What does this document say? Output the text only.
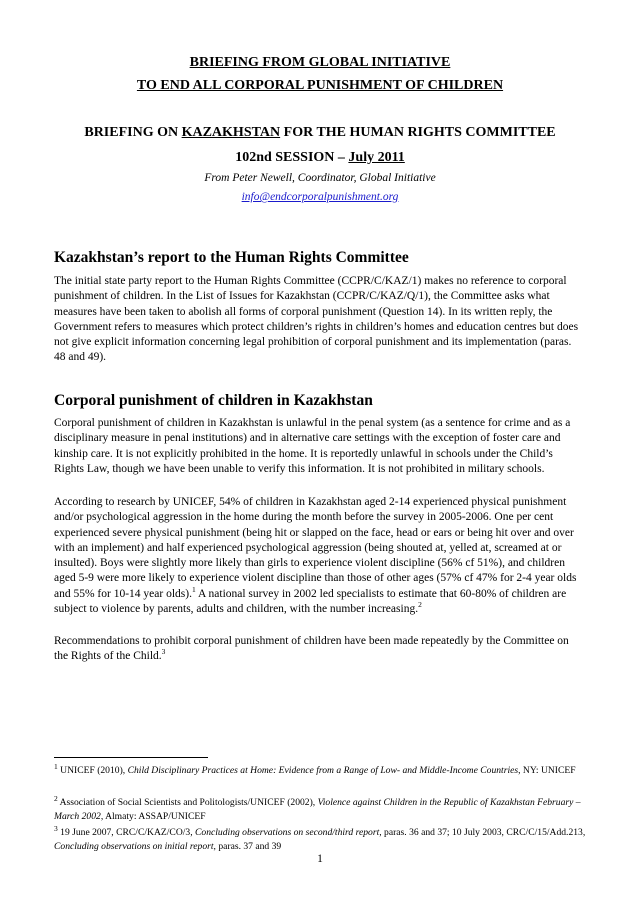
BRIEFING FROM GLOBAL INITIATIVE
TO END ALL CORPORAL PUNISHMENT OF CHILDREN
BRIEFING ON KAZAKHSTAN FOR THE HUMAN RIGHTS COMMITTEE
102nd SESSION – July 2011
From Peter Newell, Coordinator, Global Initiative
info@endcorporalpunishment.org
Kazakhstan’s report to the Human Rights Committee
The initial state party report to the Human Rights Committee (CCPR/C/KAZ/1) makes no reference to corporal punishment of children. In the List of Issues for Kazakhstan (CCPR/C/KAZ/Q/1), the Committee asks what measures have been taken to abolish all forms of corporal punishment (Question 14). In its written reply, the Government refers to measures which protect children’s rights in children’s homes and education centres but does not give explicit information concerning legal prohibition of corporal punishment and its implementation (paras. 48 and 49).
Corporal punishment of children in Kazakhstan
Corporal punishment of children in Kazakhstan is unlawful in the penal system (as a sentence for crime and as a disciplinary measure in penal institutions) and in alternative care settings with the exception of foster care and kinship care. It is not explicitly prohibited in the home. It is reportedly unlawful in schools under the Child’s Rights Law, though we have been unable to verify this information. It is not prohibited in military schools.
According to research by UNICEF, 54% of children in Kazakhstan aged 2-14 experienced physical punishment and/or psychological aggression in the home during the month before the survey in 2005-2006. One per cent experienced severe physical punishment (being hit or slapped on the face, head or ears or being hit over and over with an implement) and half experienced psychological aggression (being shouted at, yelled at, screamed at or insulted). Boys were slightly more likely than girls to experience violent discipline (56% cf 51%), and children aged 5-9 were more likely to experience violent discipline than those of other ages (57% cf 47% for 2-4 year olds and 55% for 10-14 year olds).$^1$ A national survey in 2002 led specialists to estimate that 60-80% of children are subject to violence by parents, adults and children, with the number increasing.$^2$
Recommendations to prohibit corporal punishment of children have been made repeatedly by the Committee on the Rights of the Child.$^3$
$^1$ UNICEF (2010), Child Disciplinary Practices at Home: Evidence from a Range of Low- and Middle-Income Countries, NY: UNICEF
$^2$ Association of Social Scientists and Politologists/UNICEF (2002), Violence against Children in the Republic of Kazakhstan February – March 2002, Almaty: ASSAP/UNICEF
$^3$ 19 June 2007, CRC/C/KAZ/CO/3, Concluding observations on second/third report, paras. 36 and 37; 10 July 2003, CRC/C/15/Add.213, Concluding observations on initial report, paras. 37 and 39
1
